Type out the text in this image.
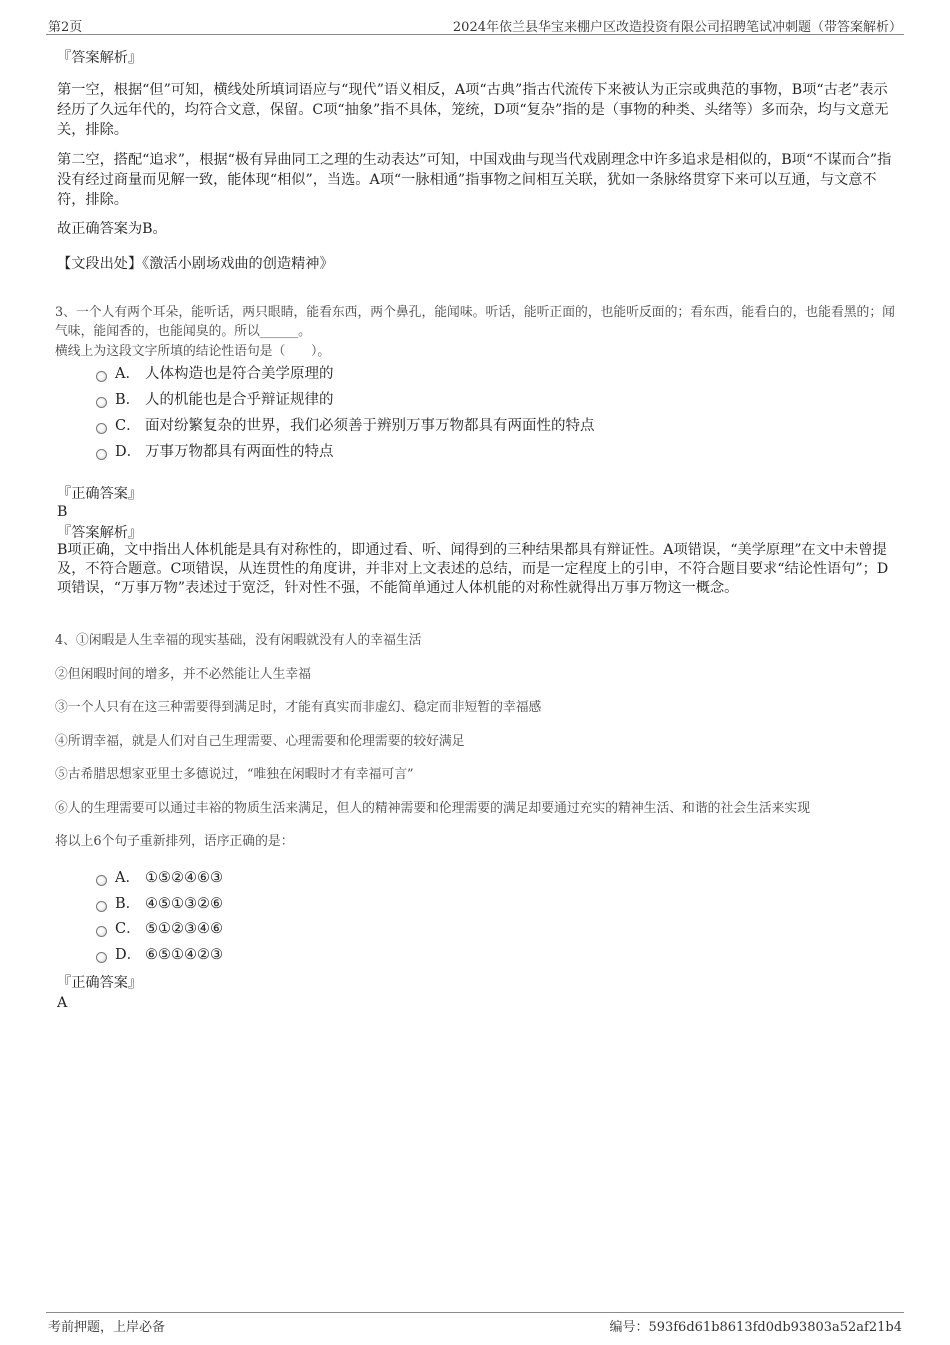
第2页	2024年依兰县华宝来棚户区改造投资有限公司招聘笔试冲刺题（带答案解析）
『答案解析』
第一空，根据“但”可知，横线处所填词语应与“现代”语义相反，A项“古典”指古代流传下来被认为正宗或典范的事物，B项“古老”表示经历了久远年代的，均符合文意，保留。C项“抽象”指不具体，笼统，D项“复杂”指的是（事物的种类、头绪等）多而杂，均与文意无关，排除。
第二空，搭配“追求”，根据“极有异曲同工之理的生动表达”可知，中国戏曲与现当代戏剧理念中许多追求是相似的，B项“不谋而合”指没有经过商量而见解一致，能体现“相似”，当选。A项“一脉相通”指事物之间相互关联，犹如一条脉络贯穿下来可以互通，与文意不符，排除。
故正确答案为B。
【文段出处】《激活小剧场戏曲的创造精神》
3、一个人有两个耳朵，能听话，两只眼睛，能看东西，两个鼻孔，能闻味。听话，能听正面的，也能听反面的；看东西，能看白的，也能看黑的；闻气味，能闻香的，也能闻臭的。所以______。
横线上为这段文字所填的结论性语句是（　　）。
A． 人体构造也是符合美学原理的
B． 人的机能也是合乎辩证规律的
C． 面对纷繁复杂的世界，我们必须善于辨别万事万物都具有两面性的特点
D． 万事万物都具有两面性的特点
『正确答案』
B
『答案解析』
B项正确，文中指出人体机能是具有对称性的，即通过看、听、闻得到的三种结果都具有辩证性。A项错误，“美学原理”在文中未曾提及，不符合题意。C项错误，从连贯性的角度讲，并非对上文表述的总结，而是一定程度上的引申，不符合题目要求“结论性语句”；D项错误，“万事万物”表述过于宽泛，针对性不强，不能简单通过人体机能的对称性就得出万事万物这一概念。
4、①闲暇是人生幸福的现实基础，没有闲暇就没有人的幸福生活
②但闲暇时间的增多，并不必然能让人生幸福
③一个人只有在这三种需要得到满足时，才能有真实而非虚幻、稳定而非短暂的幸福感
④所谓幸福，就是人们对自己生理需要、心理需要和伦理需要的较好满足
⑤古希腊思想家亚里士多德说过，“唯独在闲暇时才有幸福可言”
⑥人的生理需要可以通过丰裕的物质生活来满足，但人的精神需要和伦理需要的满足却要通过充实的精神生活、和谐的社会生活来实现
将以上6个句子重新排列，语序正确的是：
A． ①⑤②④⑥③
B． ④⑤①③②⑥
C． ⑤①②③④⑥
D． ⑥⑤①④②③
『正确答案』
A
考前押题，上岸必备	编号：593f6d61b8613fd0db93803a52af21b4
